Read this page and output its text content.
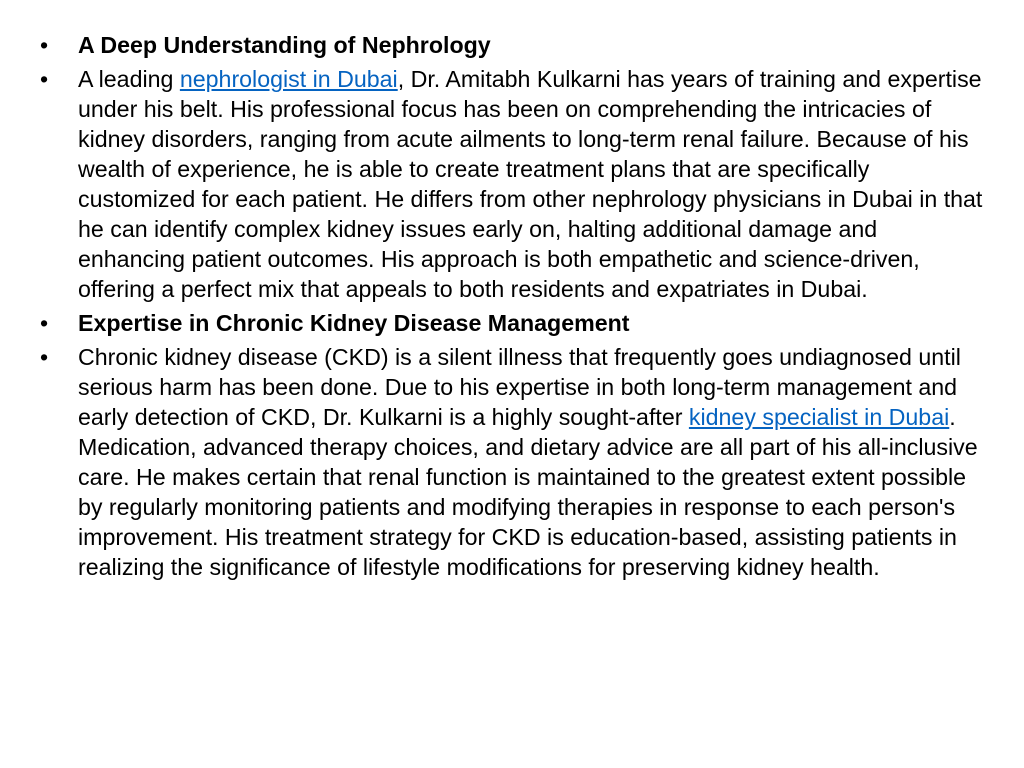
•	A Deep Understanding of Nephrology
•	A leading nephrologist in Dubai, Dr. Amitabh Kulkarni has years of training and expertise under his belt. His professional focus has been on comprehending the intricacies of kidney disorders, ranging from acute ailments to long-term renal failure. Because of his wealth of experience, he is able to create treatment plans that are specifically customized for each patient. He differs from other nephrology physicians in Dubai in that he can identify complex kidney issues early on, halting additional damage and enhancing patient outcomes. His approach is both empathetic and science-driven, offering a perfect mix that appeals to both residents and expatriates in Dubai.
•	Expertise in Chronic Kidney Disease Management
•	Chronic kidney disease (CKD) is a silent illness that frequently goes undiagnosed until serious harm has been done. Due to his expertise in both long-term management and early detection of CKD, Dr. Kulkarni is a highly sought-after kidney specialist in Dubai. Medication, advanced therapy choices, and dietary advice are all part of his all-inclusive care. He makes certain that renal function is maintained to the greatest extent possible by regularly monitoring patients and modifying therapies in response to each person's improvement. His treatment strategy for CKD is education-based, assisting patients in realizing the significance of lifestyle modifications for preserving kidney health.
